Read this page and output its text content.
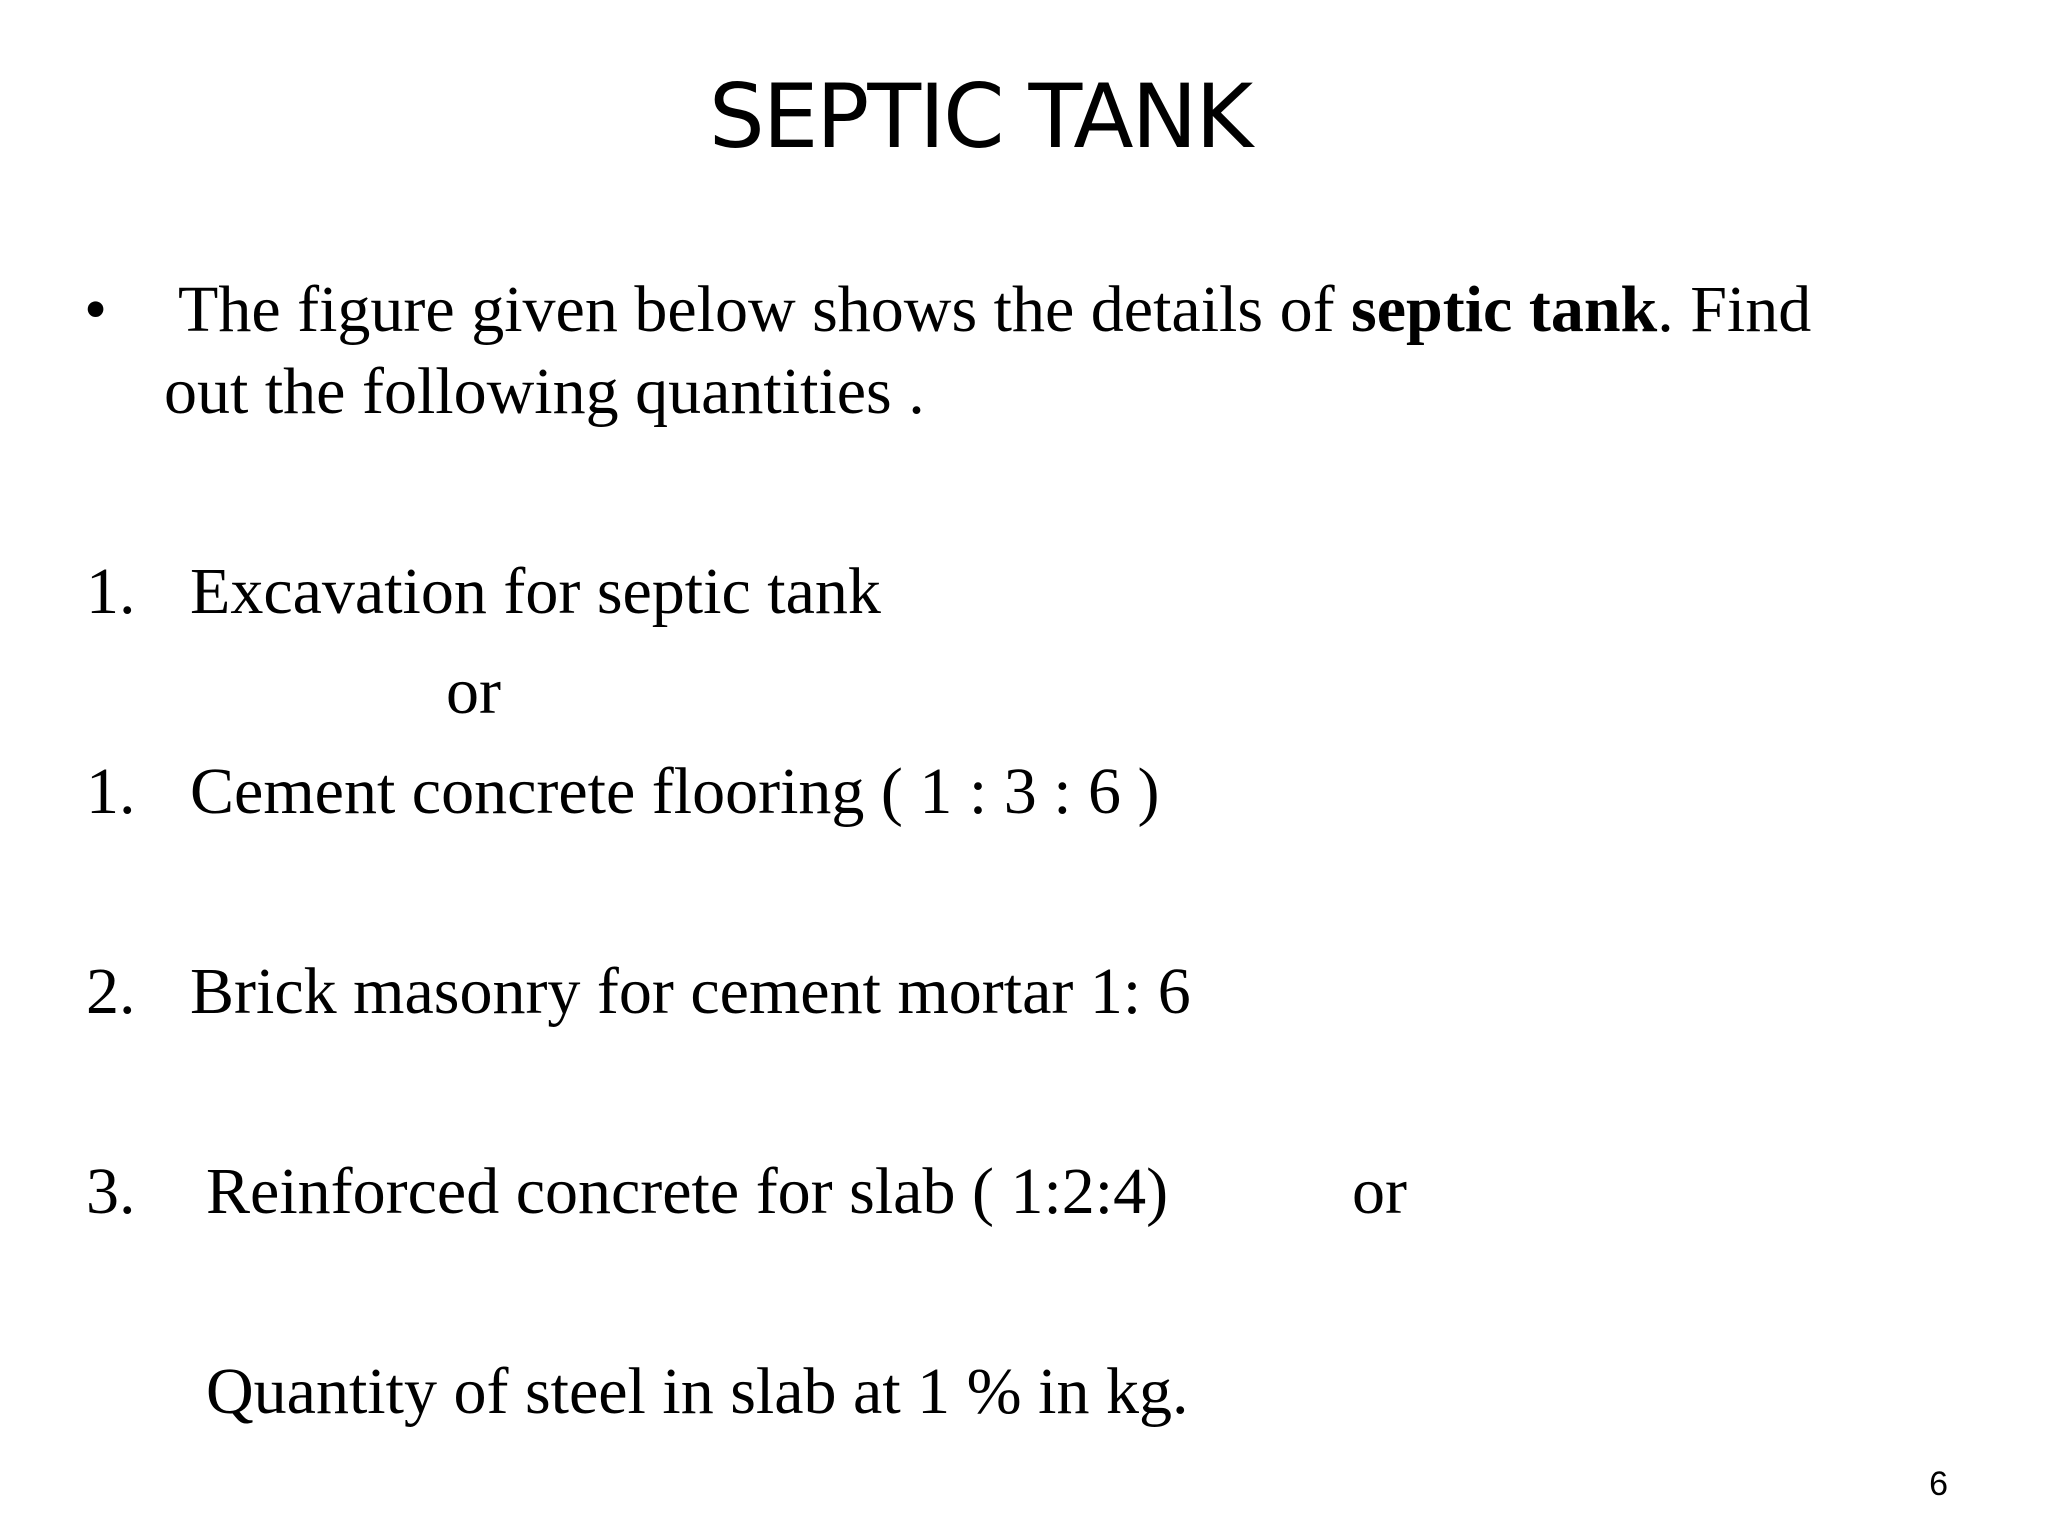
SEPTIC TANK
• The figure given below shows the details of septic tank. Find
out the following quantities .
1. Excavation for septic tank
or
1. Cement concrete flooring ( 1 : 3 : 6 )
2. Brick masonry for cement mortar 1: 6
3. Reinforced concrete for slab ( 1:2:4)	or
Quantity of steel in slab at 1 % in kg.
6
